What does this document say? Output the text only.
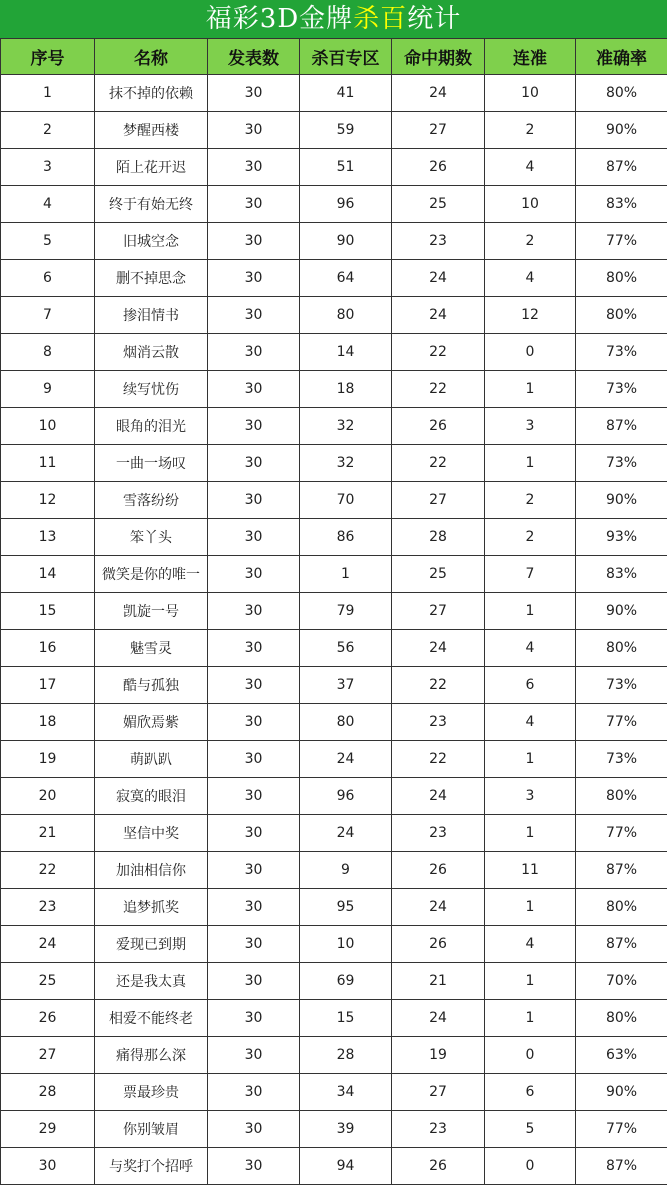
福彩3D金牌杀百统计
序号	名称	发表数	杀百专区	命中期数	连准	准确率
1	抹不掉的依赖	30	41	24	10	80%
2	梦醒西楼	30	59	27	2	90%
3	陌上花开迟	30	51	26	4	87%
4	终于有始无终	30	96	25	10	83%
5	旧城空念	30	90	23	2	77%
6	删不掉思念	30	64	24	4	80%
7	掺泪情书	30	80	24	12	80%
8	烟消云散	30	14	22	0	73%
9	续写忧伤	30	18	22	1	73%
10	眼角的泪光	30	32	26	3	87%
11	一曲一场叹	30	32	22	1	73%
12	雪落纷纷	30	70	27	2	90%
13	笨丫头	30	86	28	2	93%
14	微笑是你的唯一	30	1	25	7	83%
15	凯旋一号	30	79	27	1	90%
16	魅雪灵	30	56	24	4	80%
17	酷与孤独	30	37	22	6	73%
18	媚欣焉紫	30	80	23	4	77%
19	萌趴趴	30	24	22	1	73%
20	寂寞的眼泪	30	96	24	3	80%
21	坚信中奖	30	24	23	1	77%
22	加油相信你	30	9	26	11	87%
23	追梦抓奖	30	95	24	1	80%
24	爱现已到期	30	10	26	4	87%
25	还是我太真	30	69	21	1	70%
26	相爱不能终老	30	15	24	1	80%
27	痛得那么深	30	28	19	0	63%
28	票最珍贵	30	34	27	6	90%
29	你别皱眉	30	39	23	5	77%
30	与奖打个招呼	30	94	26	0	87%
